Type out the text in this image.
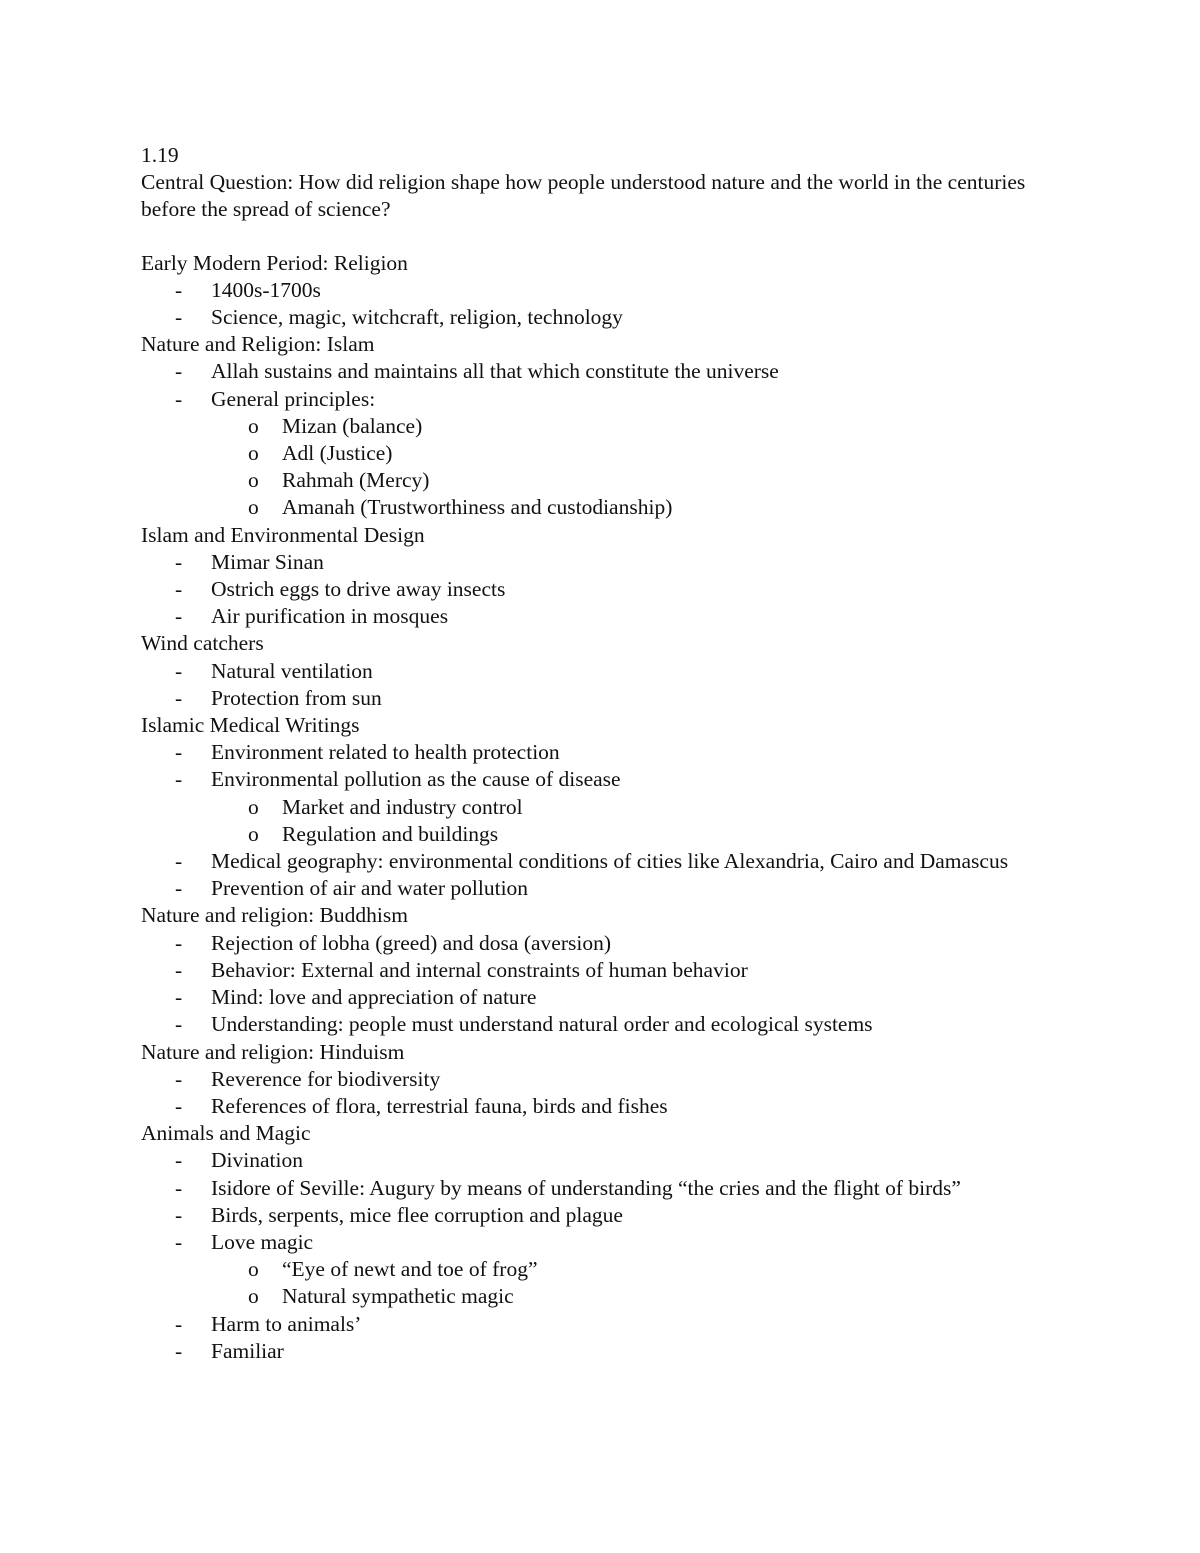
1.19
Central Question: How did religion shape how people understood nature and the world in the centuries before the spread of science?
Early Modern Period: Religion
- 1400s-1700s
- Science, magic, witchcraft, religion, technology
Nature and Religion: Islam
- Allah sustains and maintains all that which constitute the universe
- General principles:
o Mizan (balance)
o Adl (Justice)
o Rahmah (Mercy)
o Amanah (Trustworthiness and custodianship)
Islam and Environmental Design
- Mimar Sinan
- Ostrich eggs to drive away insects
- Air purification in mosques
Wind catchers
- Natural ventilation
- Protection from sun
Islamic Medical Writings
- Environment related to health protection
- Environmental pollution as the cause of disease
o Market and industry control
o Regulation and buildings
- Medical geography: environmental conditions of cities like Alexandria, Cairo and Damascus
- Prevention of air and water pollution
Nature and religion: Buddhism
- Rejection of lobha (greed) and dosa (aversion)
- Behavior: External and internal constraints of human behavior
- Mind: love and appreciation of nature
- Understanding: people must understand natural order and ecological systems
Nature and religion: Hinduism
- Reverence for biodiversity
- References of flora, terrestrial fauna, birds and fishes
Animals and Magic
- Divination
- Isidore of Seville: Augury by means of understanding “the cries and the flight of birds”
- Birds, serpents, mice flee corruption and plague
- Love magic
o “Eye of newt and toe of frog”
o Natural sympathetic magic
- Harm to animals’
- Familiar
